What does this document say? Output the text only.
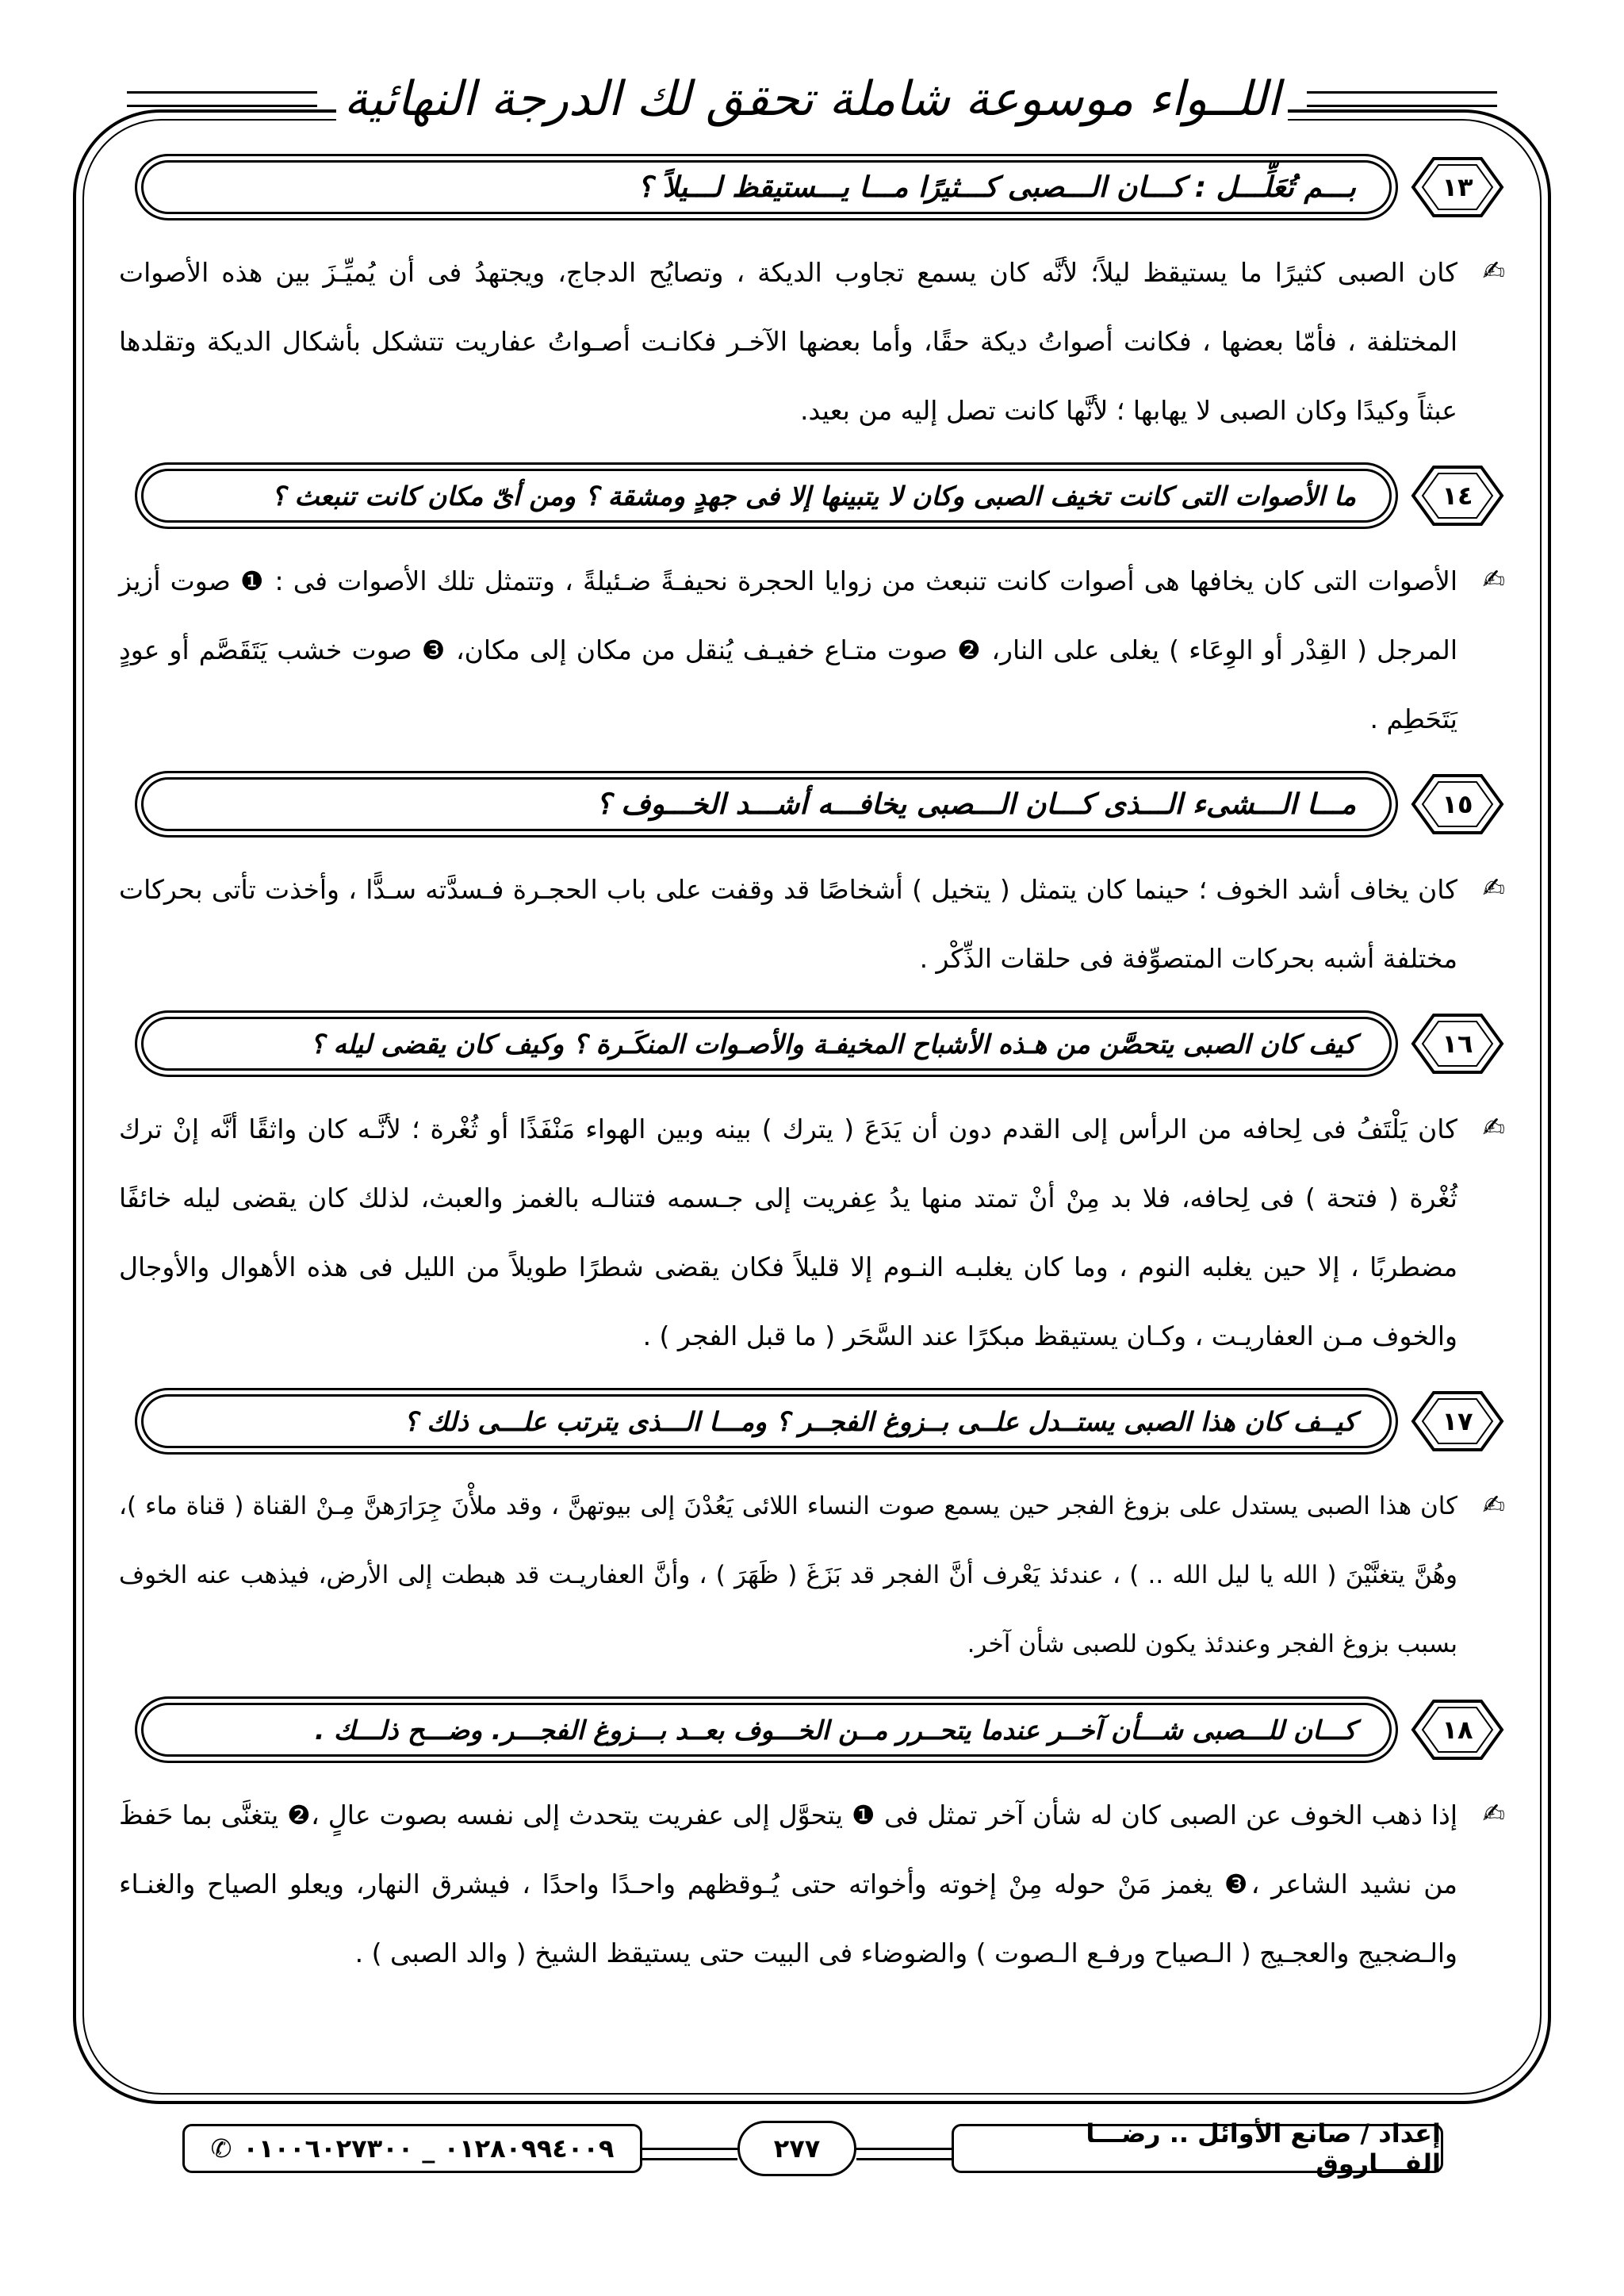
اللــواء موسوعة شاملة تحقق لك الدرجة النهائية
١٣
بـــم تُعَلِّـــل : كـــان الـــصبى كـــثيرًا مـــا يـــستيقظ لـــيلاً ؟
✍
كان الصبى كثيرًا ما يستيقظ ليلاً؛ لأنَّه كان يسمع تجاوب الديكة ، وتصايُح الدجاج، ويجتهدُ فى أن يُميِّـزَ بين هذه الأصوات المختلفة ، فأمّا بعضها ، فكانت أصواتُ ديكة حقًا، وأما بعضها الآخـر فكانـت أصـواتُ عفاريت تتشكل بأشكال الديكة وتقلدها عبثاً وكيدًا وكان الصبى لا يهابها ؛ لأنَّها كانت تصل إليه من بعيد.
١٤
ما الأصوات التى كانت تخيف الصبى وكان لا يتبينها إلا فى جهدٍ ومشقة ؟ ومن أىّ مكان كانت تنبعث ؟
✍
الأصوات التى كان يخافها هى أصوات كانت تنبعث من زوايا الحجرة نحيفـةً ضـئيلةً ، وتتمثل تلك الأصوات فى : ❶ صوت أزيز المرجل ( القِدْر أو الوِعَاء ) يغلى على النار، ❷ صوت متـاع خفيـف يُنقل من مكان إلى مكان، ❸ صوت خشب يَتَقَصَّم أو عودٍ يَتَحَطِم .
١٥
مـــا الـــشىء الـــذى كـــان الـــصبى يخافـــه أشـــد الخـــوف ؟
✍
كان يخاف أشد الخوف ؛ حينما كان يتمثل ( يتخيل ) أشخاصًا قد وقفت على باب الحجـرة فـسدَّته سـدًّا ، وأخذت تأتى بحركات مختلفة أشبه بحركات المتصوِّفة فى حلقات الذِّكْر .
١٦
كيف كان الصبى يتحصَّن من هـذه الأشباح المخيفـة والأصـوات المنكَـرة ؟ وكيف كان يقضى ليله ؟
✍
كان يَلْتَفُ فى لِحافه من الرأس إلى القدم دون أن يَدَعَ ( يترك ) بينه وبين الهواء مَنْفَذًا أو ثُغْرة ؛ لأنَّـه كان واثقًا أنَّه إنْ ترك ثُغْرة ( فتحة ) فى لِحافه، فلا بد مِنْ أنْ تمتد منها يدُ عِفريت إلى جـسمه فتنالـه بالغمز والعبث، لذلك كان يقضى ليله خائفًا مضطربًا ، إلا حين يغلبه النوم ، وما كان يغلبـه النـوم إلا قليلاً فكان يقضى شطرًا طويلاً من الليل فى هذه الأهوال والأوجال والخوف مـن العفاريـت ، وكـان يستيقظ مبكرًا عند السَّحَر ( ما قبل الفجر ) .
١٧
كيــف كان هذا الصبى يستــدل علــى بــزوغ الفجــر ؟ ومـــا الـــذى يترتب علـــى ذلك ؟
✍
كان هذا الصبى يستدل على بزوغ الفجر حين يسمع صوت النساء اللائى يَعُدْنَ إلى بيوتهنَّ ، وقد ملأْنَ جِرَارَهنَّ مِـنْ القناة ( قناة ماء )، وهُنَّ يتغنَّيْنَ ( الله يا ليل الله .. ) ، عندئذ يَعْرف أنَّ الفجر قد بَزَغَ ( ظَهَرَ ) ، وأنَّ العفاريـت قد هبطت إلى الأرض، فيذهب عنه الخوف بسبب بزوغ الفجر وعندئذ يكون للصبى شأن آخر.
١٨
كـــان للـــصبى شـــأن آخــر عندما يتحــرر مــن الخـــوف بعــد بـــزوغ الفجـــر. وضـــح ذلـــك .
✍
إذا ذهب الخوف عن الصبى كان له شأن آخر تمثل فى ❶ يتحوَّل إلى عفريت يتحدث إلى نفسه بصوت عالٍ ،❷ يتغنَّى بما حَفظَ من نشيد الشاعر ،❸ يغمز مَنْ حوله مِنْ إخوته وأخواته حتى يُـوقظهم واحـدًا واحدًا ، فيشرق النهار، ويعلو الصياح والغنـاء والـضجيج والعجـيج ( الـصياح ورفـع الـصوت ) والضوضاء فى البيت حتى يستيقظ الشيخ ( والد الصبى ) .
إعداد / صانع الأوائل .. رضـــا الفـــاروق
٢٧٧
٠١٢٨٠٩٩٤٠٠٩ _ ٠١٠٠٦٠٢٧٣٠٠
✆
